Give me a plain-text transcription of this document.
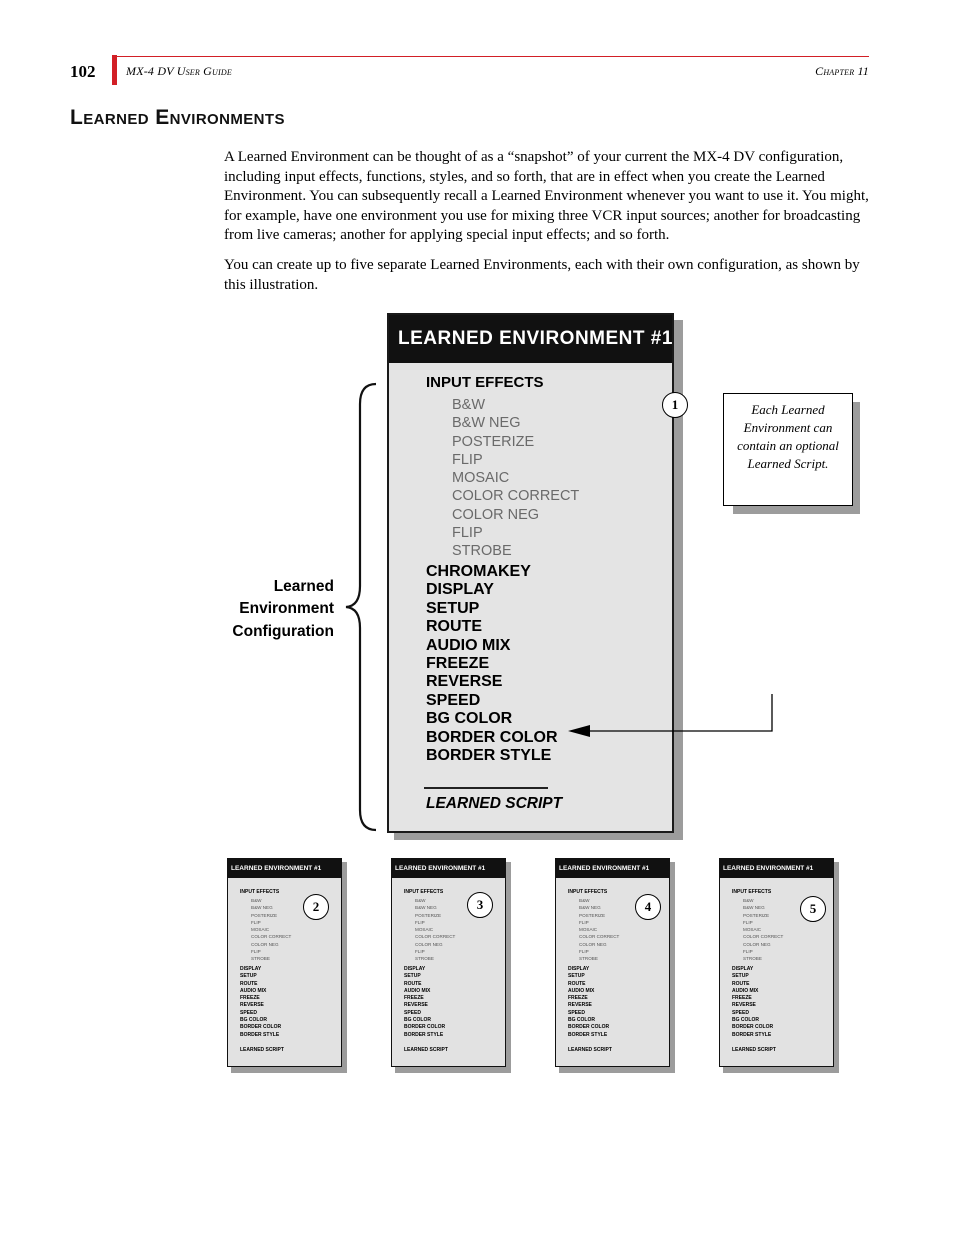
102	MX-4 DV User Guide	Chapter 11
Learned Environments
A Learned Environment can be thought of as a “snapshot” of your current the MX-4 DV configuration, including input effects, functions, styles, and so forth, that are in effect when you create the Learned Environment. You can subsequently recall a Learned Environment whenever you want to use it. You might, for example, have one environment you use for mixing three VCR input sources; another for broadcasting from live cameras; another for applying special input effects; and so forth.
You can create up to five separate Learned Environments, each with their own configuration, as shown by this illustration.
LEARNED ENVIRONMENT #1
INPUT EFFECTS
B&W
B&W NEG
POSTERIZE
FLIP
MOSAIC
COLOR CORRECT
COLOR NEG
FLIP
STROBE
CHROMAKEY
DISPLAY
SETUP
ROUTE
AUDIO MIX
FREEZE
REVERSE
SPEED
BG COLOR
BORDER COLOR
BORDER STYLE
LEARNED SCRIPT
Learned
Environment
Configuration
1	Each Learned Environment can contain an optional Learned Script.
LEARNED ENVIRONMENT #1
INPUT EFFECTS
B&W
B&W NEG
POSTERIZE
FLIP
MOSAIC
COLOR CORRECT
COLOR NEG
FLIP
STROBE
DISPLAY
SETUP
ROUTE
AUDIO MIX
FREEZE
REVERSE
SPEED
BG COLOR
BORDER COLOR
BORDER STYLE
LEARNED SCRIPT
2
LEARNED ENVIRONMENT #1
INPUT EFFECTS
B&W
B&W NEG
POSTERIZE
FLIP
MOSAIC
COLOR CORRECT
COLOR NEG
FLIP
STROBE
DISPLAY
SETUP
ROUTE
AUDIO MIX
FREEZE
REVERSE
SPEED
BG COLOR
BORDER COLOR
BORDER STYLE
LEARNED SCRIPT
3
LEARNED ENVIRONMENT #1
INPUT EFFECTS
B&W
B&W NEG
POSTERIZE
FLIP
MOSAIC
COLOR CORRECT
COLOR NEG
FLIP
STROBE
DISPLAY
SETUP
ROUTE
AUDIO MIX
FREEZE
REVERSE
SPEED
BG COLOR
BORDER COLOR
BORDER STYLE
LEARNED SCRIPT
4
LEARNED ENVIRONMENT #1
INPUT EFFECTS
B&W
B&W NEG
POSTERIZE
FLIP
MOSAIC
COLOR CORRECT
COLOR NEG
FLIP
STROBE
DISPLAY
SETUP
ROUTE
AUDIO MIX
FREEZE
REVERSE
SPEED
BG COLOR
BORDER COLOR
BORDER STYLE
LEARNED SCRIPT
5
